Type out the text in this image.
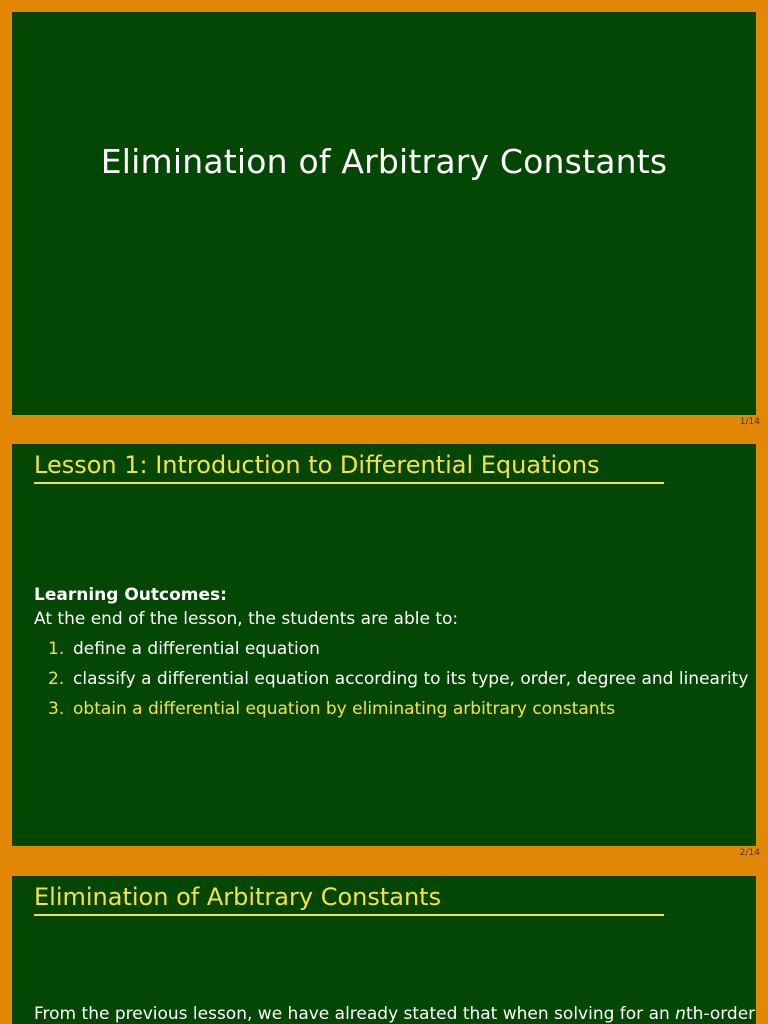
Elimination of Arbitrary Constants
1/14
Lesson 1: Introduction to Differential Equations
Learning Outcomes:
At the end of the lesson, the students are able to:
1. define a differential equation
2. classify a differential equation according to its type, order, degree and linearity
3. obtain a differential equation by eliminating arbitrary constants
2/14
Elimination of Arbitrary Constants
From the previous lesson, we have already stated that when solving for an nth-order
